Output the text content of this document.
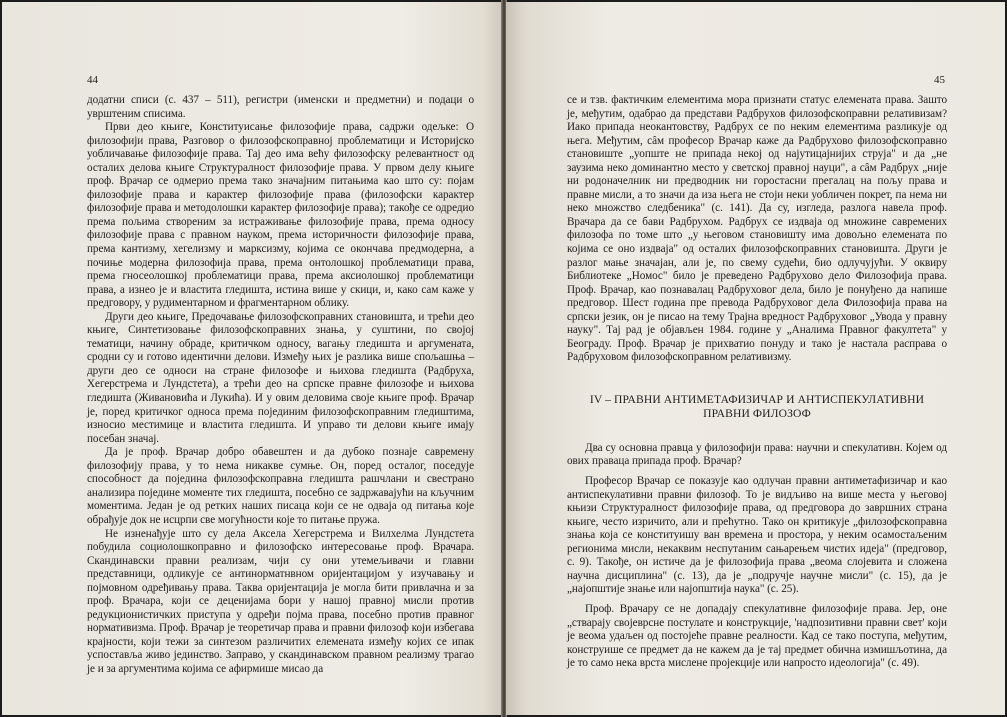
44

додатни списи (с. 437 – 511), регистри (именски и предметни) и подаци о уврштеним списима.

Први део књиге, Конституисање филозофије права, садржи одељке: О филозофији права, Разговор о филозофскоправној проблематици и Историјско уобличавање филозофије права. Тај део има већу филозофску релевантност од осталих делова књиге Структуралност филозофије права. У првом делу књиге проф. Врачар се одмерио према тако значајним питањима као што су: појам филозофије права и карактер филозофије права (филозофски карактер филозофије права и методолошки карактер филозофије права); такође се одредио према пољима створеним за истраживање филозофије права, према односу филозофије права с правном науком, према историчности филозофије права, према кантизму, хегелизму и марксизму, којима се окончава предмодерна, а почиње модерна филозофија права, према онтолошкој проблематици права, према гносеолошкој проблематици права, према аксиолошкој проблематици права, а изнео је и властита гледишта, истина више у скици, и, како сам каже у предговору, у рудиментарном и фрагментарном облику.

Други део књиге, Предочавање филозофскоправних становишта, и трећи део књиге, Синтетизовање филозофскоправних знања, у суштини, по својој тематици, начину обраде, критичком односу, вагању гледишта и аргумената, сродни су и готово идентични делови. Између њих је разлика више спољашња – други део се односи на стране филозофе и њихова гледишта (Радбруха, Хегерстрема и Лундстета), а трећи део на српске правне филозофе и њихова гледишта (Живановића и Лукића). И у овим деловима своје књиге проф. Врачар је, поред критичког односа према појединим филозофскоправним гледиштима, износио местимице и властита гледишта. И управо ти делови књиге имају посебан значај.

Да је проф. Врачар добро обавештен и да дубоко познаје савремену филозофију права, у то нема никакве сумње. Он, поред осталог, поседује способност да појединa филозофскоправна гледишта рашчлани и свестрано анализира поједине моменте тих гледишта, посебно се задржавајући на кључним моментима. Један је од ретких наших писаца који се не одваја од питања које обрађује док не исцрпи све могућности које то питање пружа.

Не изненађује што су дела Аксела Хегерстрема и Вилхелма Лундстета побудила социолошкоправно и филозофско интересовање проф. Врачара. Скандинавски правни реализам, чији су они утемељивачи и главни представници, одликује се антинорматнвном оријентацијом у изучавању и појмовном одређивању права. Таква оријентација је могла бити привлачна и за проф. Врачара, који се деценијама бори у нашој правној мисли против редукционистичких приступа у одређи појма права, посебно против правног нормативизма. Проф. Врачар је теоретичар права и правни филозоф који избегава крајности, који тежи за синтезом различитих елемената између којих се ипак успоставља живо јединство. Заправо, у скандинавском правном реализму трагао је и за аргументима којима се афирмише мисао да

45

се и тзв. фактичким елементима мора признати статус елемената права. Зашто је, међутим, одабрао да представи Радбрухов филозофскоправни релативизам? Иако припада неокантовству, Радбрух се по неким елементима разликује од њега. Међутим, сâм професор Врачар каже да Радбрухово филозофскоправно становиште „уопште не припада некој од најутицајнијих струја" и да „не заузима неко доминантно место у светској правној науци", а сâм Радбрух „није ни родоначелник ни предводник ни горостасни прегалац на пољу права и правне мисли, а то значи да иза њега не стоји неки уобличен покрет, па нема ни неко множство следбеника" (с. 141). Да су, изгледа, разлога навела проф. Врачара да се бави Радбрухом. Радбрух се издваја од множине савремених филозофа по томе што „у његовом становишту има довољно елемената по којима се оно издваја" од осталих филозофскоправних становишта. Други је разлог мање значајан, али је, по свему судећи, био одлучујући. У оквиру Библиотеке „Номос" било је преведено Радбрухово дело Филозофија права. Проф. Врачар, као познавалац Радбруховог дела, било је понуђено да напише предговор. Шест година пре превода Радбруховог дела Филозофија права на српски језик, он је писао на тему Трајна вредност Радбруховог „Увода у правну науку". Тај рад је објављен 1984. године у „Аналима Правног факултета" у Београду. Проф. Врачар је прихватио понуду и тако је настала расправа о Радбруховом филозофскоправном релативизму.

IV – ПРАВНИ АНТИМЕТАФИЗИЧАР И АНТИСПЕКУЛАТИВНИ
ПРАВНИ ФИЛОЗОФ

Два су основна правца у филозофији права: научни и спекулативн. Којем од ових праваца припада проф. Врачар?

Професор Врачар се показује као одлучан правни антиметафизичар и као антиспекулативни правни филозоф. То је видљиво на више места у његовој књизи Структуралност филозофије права, од предговора до завршних страна књиге, често изричито, али и прећутно. Тако он критикује „филозофскоправна знања која се конституишу ван времена и простора, у неким осамостаљеним регионима мисли, некаквим неспутаним сањарењем чистих идеја" (предговор, с. 9). Такође, он истиче да је филозофија права „веома слојевита и сложена научна дисциплина" (с. 13), да је „подручје научне мисли" (с. 15), да је „најопштије знање или најопштија наука" (с. 25).

Проф. Врачару се не допадају спекулативне филозофије права. Јер, оне „стварају својеврсне постулате и конструкције, 'надпозитивни правни свет' који је веома удаљен од постојеће правне реалности. Кад се тако поступа, међутим, конструише се предмет да не кажем да је тај предмет обична измишљотина, да је то само нека врста мисленe пројекције или напросто идеологија" (с. 49).
